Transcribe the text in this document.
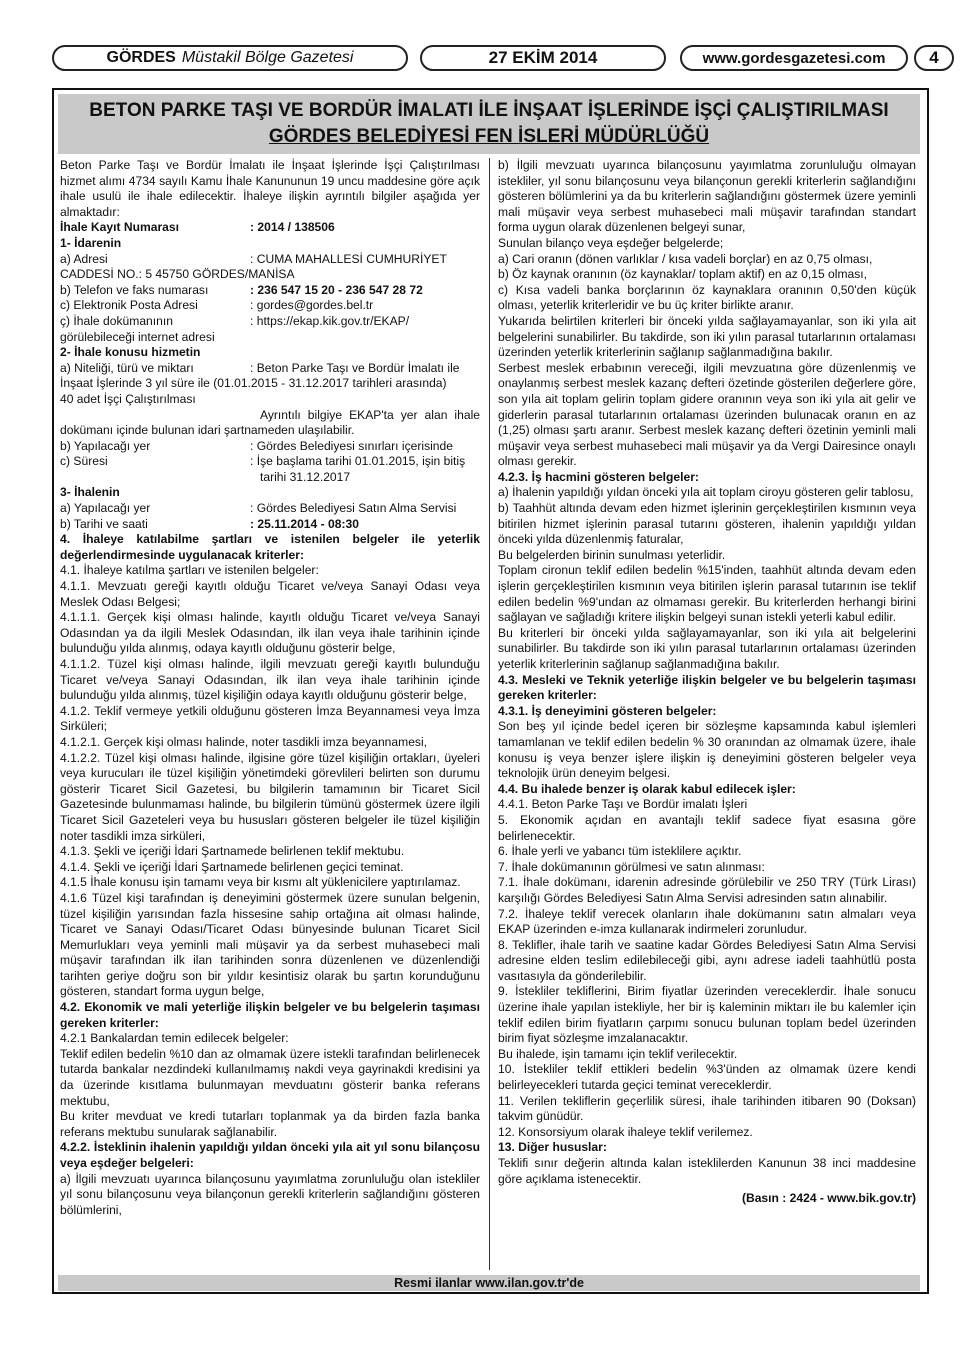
GÖRDES Müstakil Bölge Gazetesi	27 EKİM 2014	www.gordesgazetesi.com	4
BETON PARKE TAŞI VE BORDÜR İMALATI İLE İNŞAAT İŞLERİNDE İŞÇİ ÇALIŞTIRILMASI
GÖRDES BELEDİYESİ FEN İSLERİ MÜDÜRLÜĞÜ

Beton Parke Taşı ve Bordür İmalatı ile İnşaat İşlerinde İşçi Çalıştırılması hizmet alımı 4734 sayılı Kamu İhale Kanununun 19 uncu maddesine göre açık ihale usulü ile ihale edilecektir. İhaleye ilişkin ayrıntılı bilgiler aşağıda yer almaktadır:

İhale Kayıt Numarası	: 2014 / 138506

1- İdarenin

a) Adresi	: CUMA MAHALLESİ CUMHURİYET

CADDESİ NO.: 5 45750 GÖRDES/MANİSA

b) Telefon ve faks numarası	: 236 547 15 20 - 236 547 28 72
c) Elektronik Posta Adresi	: gordes@gordes.bel.tr
ç) İhale dokümanının	: https://ekap.kik.gov.tr/EKAP/

görülebileceği internet adresi

2- İhale konusu hizmetin

a) Niteliği, türü ve miktarı	: Beton Parke Taşı ve Bordür İmalatı ile

İnşaat İşlerinde 3 yıl süre ile (01.01.2015 - 31.12.2017 tarihleri arasında)

40 adet İşçi Çalıştırılması

Ayrıntılı bilgiye EKAP'ta yer alan ihale dokümanı içinde bulunan idari şartnameden ulaşılabilir.

b) Yapılacağı yer	: Gördes Belediyesi sınırları içerisinde
c) Süresi	: İşe başlama tarihi 01.01.2015, işin bitiş

tarihi 31.12.2017

3- İhalenin

a) Yapılacağı yer	: Gördes Belediyesi Satın Alma Servisi
b) Tarihi ve saati	: 25.11.2014 - 08:30

4. İhaleye katılabilme şartları ve istenilen belgeler ile yeterlik değerlendirmesinde uygulanacak kriterler:

4.1. İhaleye katılma şartları ve istenilen belgeler:

4.1.1. Mevzuatı gereği kayıtlı olduğu Ticaret ve/veya Sanayi Odası veya Meslek Odası Belgesi;

4.1.1.1. Gerçek kişi olması halinde, kayıtlı olduğu Ticaret ve/veya Sanayi Odasından ya da ilgili Meslek Odasından, ilk ilan veya ihale tarihinin içinde bulunduğu yılda alınmış, odaya kayıtlı olduğunu gösterir belge,

4.1.1.2. Tüzel kişi olması halinde, ilgili mevzuatı gereği kayıtlı bulunduğu Ticaret ve/veya Sanayi Odasından, ilk ilan veya ihale tarihinin içinde bulunduğu yılda alınmış, tüzel kişiliğin odaya kayıtlı olduğunu gösterir belge,

4.1.2. Teklif vermeye yetkili olduğunu gösteren İmza Beyannamesi veya İmza Sirküleri;

4.1.2.1. Gerçek kişi olması halinde, noter tasdikli imza beyannamesi,

4.1.2.2. Tüzel kişi olması halinde, ilgisine göre tüzel kişiliğin ortakları, üyeleri veya kurucuları ile tüzel kişiliğin yönetimdeki görevlileri belirten son durumu gösterir Ticaret Sicil Gazetesi, bu bilgilerin tamamının bir Ticaret Sicil Gazetesinde bulunmaması halinde, bu bilgilerin tümünü göstermek üzere ilgili Ticaret Sicil Gazeteleri veya bu hususları gösteren belgeler ile tüzel kişiliğin noter tasdikli imza sirküleri,

4.1.3. Şekli ve içeriği İdari Şartnamede belirlenen teklif mektubu.

4.1.4. Şekli ve içeriği İdari Şartnamede belirlenen geçici teminat.

4.1.5 İhale konusu işin tamamı veya bir kısmı alt yüklenicilere yaptırılamaz.

4.1.6 Tüzel kişi tarafından iş deneyimini göstermek üzere sunulan belgenin, tüzel kişiliğin yarısından fazla hissesine sahip ortağına ait olması halinde, Ticaret ve Sanayi Odası/Ticaret Odası bünyesinde bulunan Ticaret Sicil Memurlukları veya yeminli mali müşavir ya da serbest muhasebeci mali müşavir tarafından ilk ilan tarihinden sonra düzenlenen ve düzenlendiği tarihten geriye doğru son bir yıldır kesintisiz olarak bu şartın korunduğunu gösteren, standart forma uygun belge,

4.2. Ekonomik ve mali yeterliğe ilişkin belgeler ve bu belgelerin taşıması gereken kriterler:

4.2.1 Bankalardan temin edilecek belgeler:

Teklif edilen bedelin %10 dan az olmamak üzere istekli tarafından belirlenecek tutarda bankalar nezdindeki kullanılmamış nakdi veya gayrinakdi kredisini ya da üzerinde kısıtlama bulunmayan mevduatını gösterir banka referans mektubu,

Bu kriter mevduat ve kredi tutarları toplanmak ya da birden fazla banka referans mektubu sunularak sağlanabilir.

4.2.2. İsteklinin ihalenin yapıldığı yıldan önceki yıla ait yıl sonu bilançosu veya eşdeğer belgeleri:

a) İlgili mevzuatı uyarınca bilançosunu yayımlatma zorunluluğu olan istekliler yıl sonu bilançosunu veya bilançonun gerekli kriterlerin sağlandığını gösteren bölümlerini,

b) İlgili mevzuatı uyarınca bilançosunu yayımlatma zorunluluğu olmayan istekliler, yıl sonu bilançosunu veya bilançonun gerekli kriterlerin sağlandığını gösteren bölümlerini ya da bu kriterlerin sağlandığını göstermek üzere yeminli mali müşavir veya serbest muhasebeci mali müşavir tarafından standart forma uygun olarak düzenlenen belgeyi sunar,

Sunulan bilanço veya eşdeğer belgelerde;

a) Cari oranın (dönen varlıklar / kısa vadeli borçlar) en az 0,75 olması,

b) Öz kaynak oranının (öz kaynaklar/ toplam aktif) en az 0,15 olması,

c) Kısa vadeli banka borçlarının öz kaynaklara oranının 0,50'den küçük olması, yeterlik kriterleridir ve bu üç kriter birlikte aranır.

Yukarıda belirtilen kriterleri bir önceki yılda sağlayamayanlar, son iki yıla ait belgelerini sunabilirler. Bu takdirde, son iki yılın parasal tutarlarının ortalaması üzerinden yeterlik kriterlerinin sağlanıp sağlanmadığına bakılır.

Serbest meslek erbabının vereceği, ilgili mevzuatına göre düzenlenmiş ve onaylanmış serbest meslek kazanç defteri özetinde gösterilen değerlere göre, son yıla ait toplam gelirin toplam gidere oranının veya son iki yıla ait gelir ve giderlerin parasal tutarlarının ortalaması üzerinden bulunacak oranın en az (1,25) olması şartı aranır. Serbest meslek kazanç defteri özetinin yeminli mali müşavir veya serbest muhasebeci mali müşavir ya da Vergi Dairesince onaylı olması gerekir.

4.2.3. İş hacmini gösteren belgeler:

a) İhalenin yapıldığı yıldan önceki yıla ait toplam ciroyu gösteren gelir tablosu,

b) Taahhüt altında devam eden hizmet işlerinin gerçekleştirilen kısmının veya bitirilen hizmet işlerinin parasal tutarını gösteren, ihalenin yapıldığı yıldan önceki yılda düzenlenmiş faturalar,

Bu belgelerden birinin sunulması yeterlidir.

Toplam cironun teklif edilen bedelin %15'inden, taahhüt altında devam eden işlerin gerçekleştirilen kısmının veya bitirilen işlerin parasal tutarının ise teklif edilen bedelin %9'undan az olmaması gerekir. Bu kriterlerden herhangi birini sağlayan ve sağladığı kritere ilişkin belgeyi sunan istekli yeterli kabul edilir.

Bu kriterleri bir önceki yılda sağlayamayanlar, son iki yıla ait belgelerini sunabilirler. Bu takdirde son iki yılın parasal tutarlarının ortalaması üzerinden yeterlik kriterlerinin sağlanup sağlanmadığına bakılır.

4.3. Mesleki ve Teknik yeterliğe ilişkin belgeler ve bu belgelerin taşıması gereken kriterler:

4.3.1. İş deneyimini gösteren belgeler:

Son beş yıl içinde bedel içeren bir sözleşme kapsamında kabul işlemleri tamamlanan ve teklif edilen bedelin % 30 oranından az olmamak üzere, ihale konusu iş veya benzer işlere ilişkin iş deneyimini gösteren belgeler veya teknolojik ürün deneyim belgesi.

4.4. Bu ihalede benzer iş olarak kabul edilecek işler:

4.4.1. Beton Parke Taşı ve Bordür imalatı İşleri

5. Ekonomik açıdan en avantajlı teklif sadece fiyat esasına göre belirlenecektir.

6. İhale yerli ve yabancı tüm isteklilere açıktır.

7. İhale dokümanının görülmesi ve satın alınması:

7.1. İhale dokümanı, idarenin adresinde görülebilir ve 250 TRY (Türk Lirası) karşılığı Gördes Belediyesi Satın Alma Servisi adresinden satın alınabilir.

7.2. İhaleye teklif verecek olanların ihale dokümanını satın almaları veya EKAP üzerinden e-imza kullanarak indirmeleri zorunludur.

8. Teklifler, ihale tarih ve saatine kadar Gördes Belediyesi Satın Alma Servisi adresine elden teslim edilebileceği gibi, aynı adrese iadeli taahhütlü posta vasıtasıyla da gönderilebilir.

9. İstekliler tekliflerini, Birim fiyatlar üzerinden vereceklerdir. İhale sonucu üzerine ihale yapılan istekliyle, her bir iş kaleminin miktarı ile bu kalemler için teklif edilen birim fiyatların çarpımı sonucu bulunan toplam bedel üzerinden birim fiyat sözleşme imzalanacaktır.

Bu ihalede, işin tamamı için teklif verilecektir.

10. İstekliler teklif ettikleri bedelin %3'ünden az olmamak üzere kendi belirleyecekleri tutarda geçici teminat vereceklerdir.

11. Verilen tekliflerin geçerlilik süresi, ihale tarihinden itibaren 90 (Doksan) takvim günüdür.

12. Konsorsiyum olarak ihaleye teklif verilemez.

13. Diğer hususlar:

Teklifi sınır değerin altında kalan isteklilerden Kanunun 38 inci maddesine göre açıklama istenecektir.

(Basın : 2424 - www.bik.gov.tr)

Resmi ilanlar www.ilan.gov.tr'de
